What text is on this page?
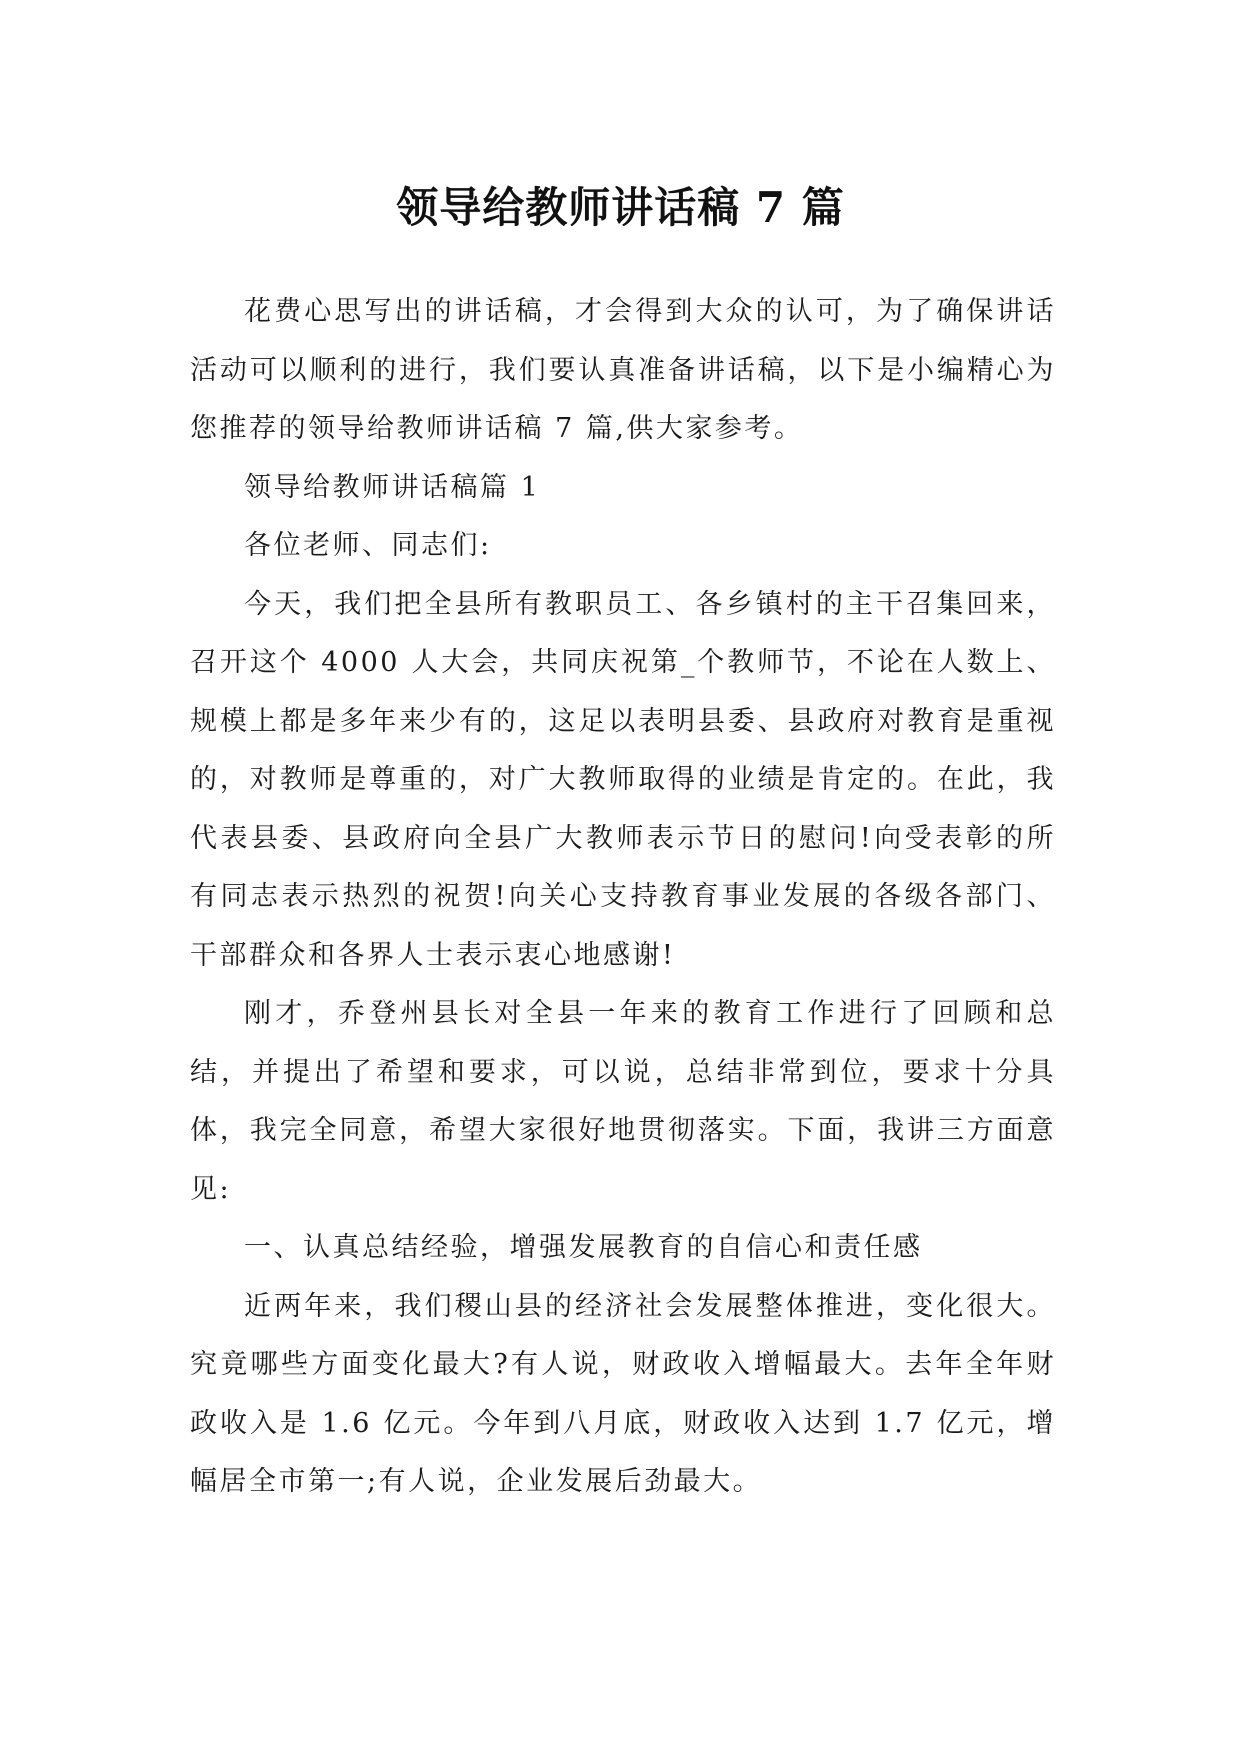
领导给教师讲话稿 7 篇

花费心思写出的讲话稿，才会得到大众的认可，为了确保讲话活动可以顺利的进行，我们要认真准备讲话稿，以下是小编精心为您推荐的领导给教师讲话稿 7 篇,供大家参考。

领导给教师讲话稿篇 1

各位老师、同志们:

今天，我们把全县所有教职员工、各乡镇村的主干召集回来，召开这个 4000 人大会，共同庆祝第_个教师节，不论在人数上、规模上都是多年来少有的，这足以表明县委、县政府对教育是重视的，对教师是尊重的，对广大教师取得的业绩是肯定的。在此，我代表县委、县政府向全县广大教师表示节日的慰问!向受表彰的所有同志表示热烈的祝贺!向关心支持教育事业发展的各级各部门、干部群众和各界人士表示衷心地感谢!

刚才，乔登州县长对全县一年来的教育工作进行了回顾和总结，并提出了希望和要求，可以说，总结非常到位，要求十分具体，我完全同意，希望大家很好地贯彻落实。下面，我讲三方面意见:

一、认真总结经验，增强发展教育的自信心和责任感

近两年来，我们稷山县的经济社会发展整体推进，变化很大。究竟哪些方面变化最大?有人说，财政收入增幅最大。去年全年财政收入是 1.6 亿元。今年到八月底，财政收入达到 1.7 亿元，增幅居全市第一;有人说，企业发展后劲最大。
